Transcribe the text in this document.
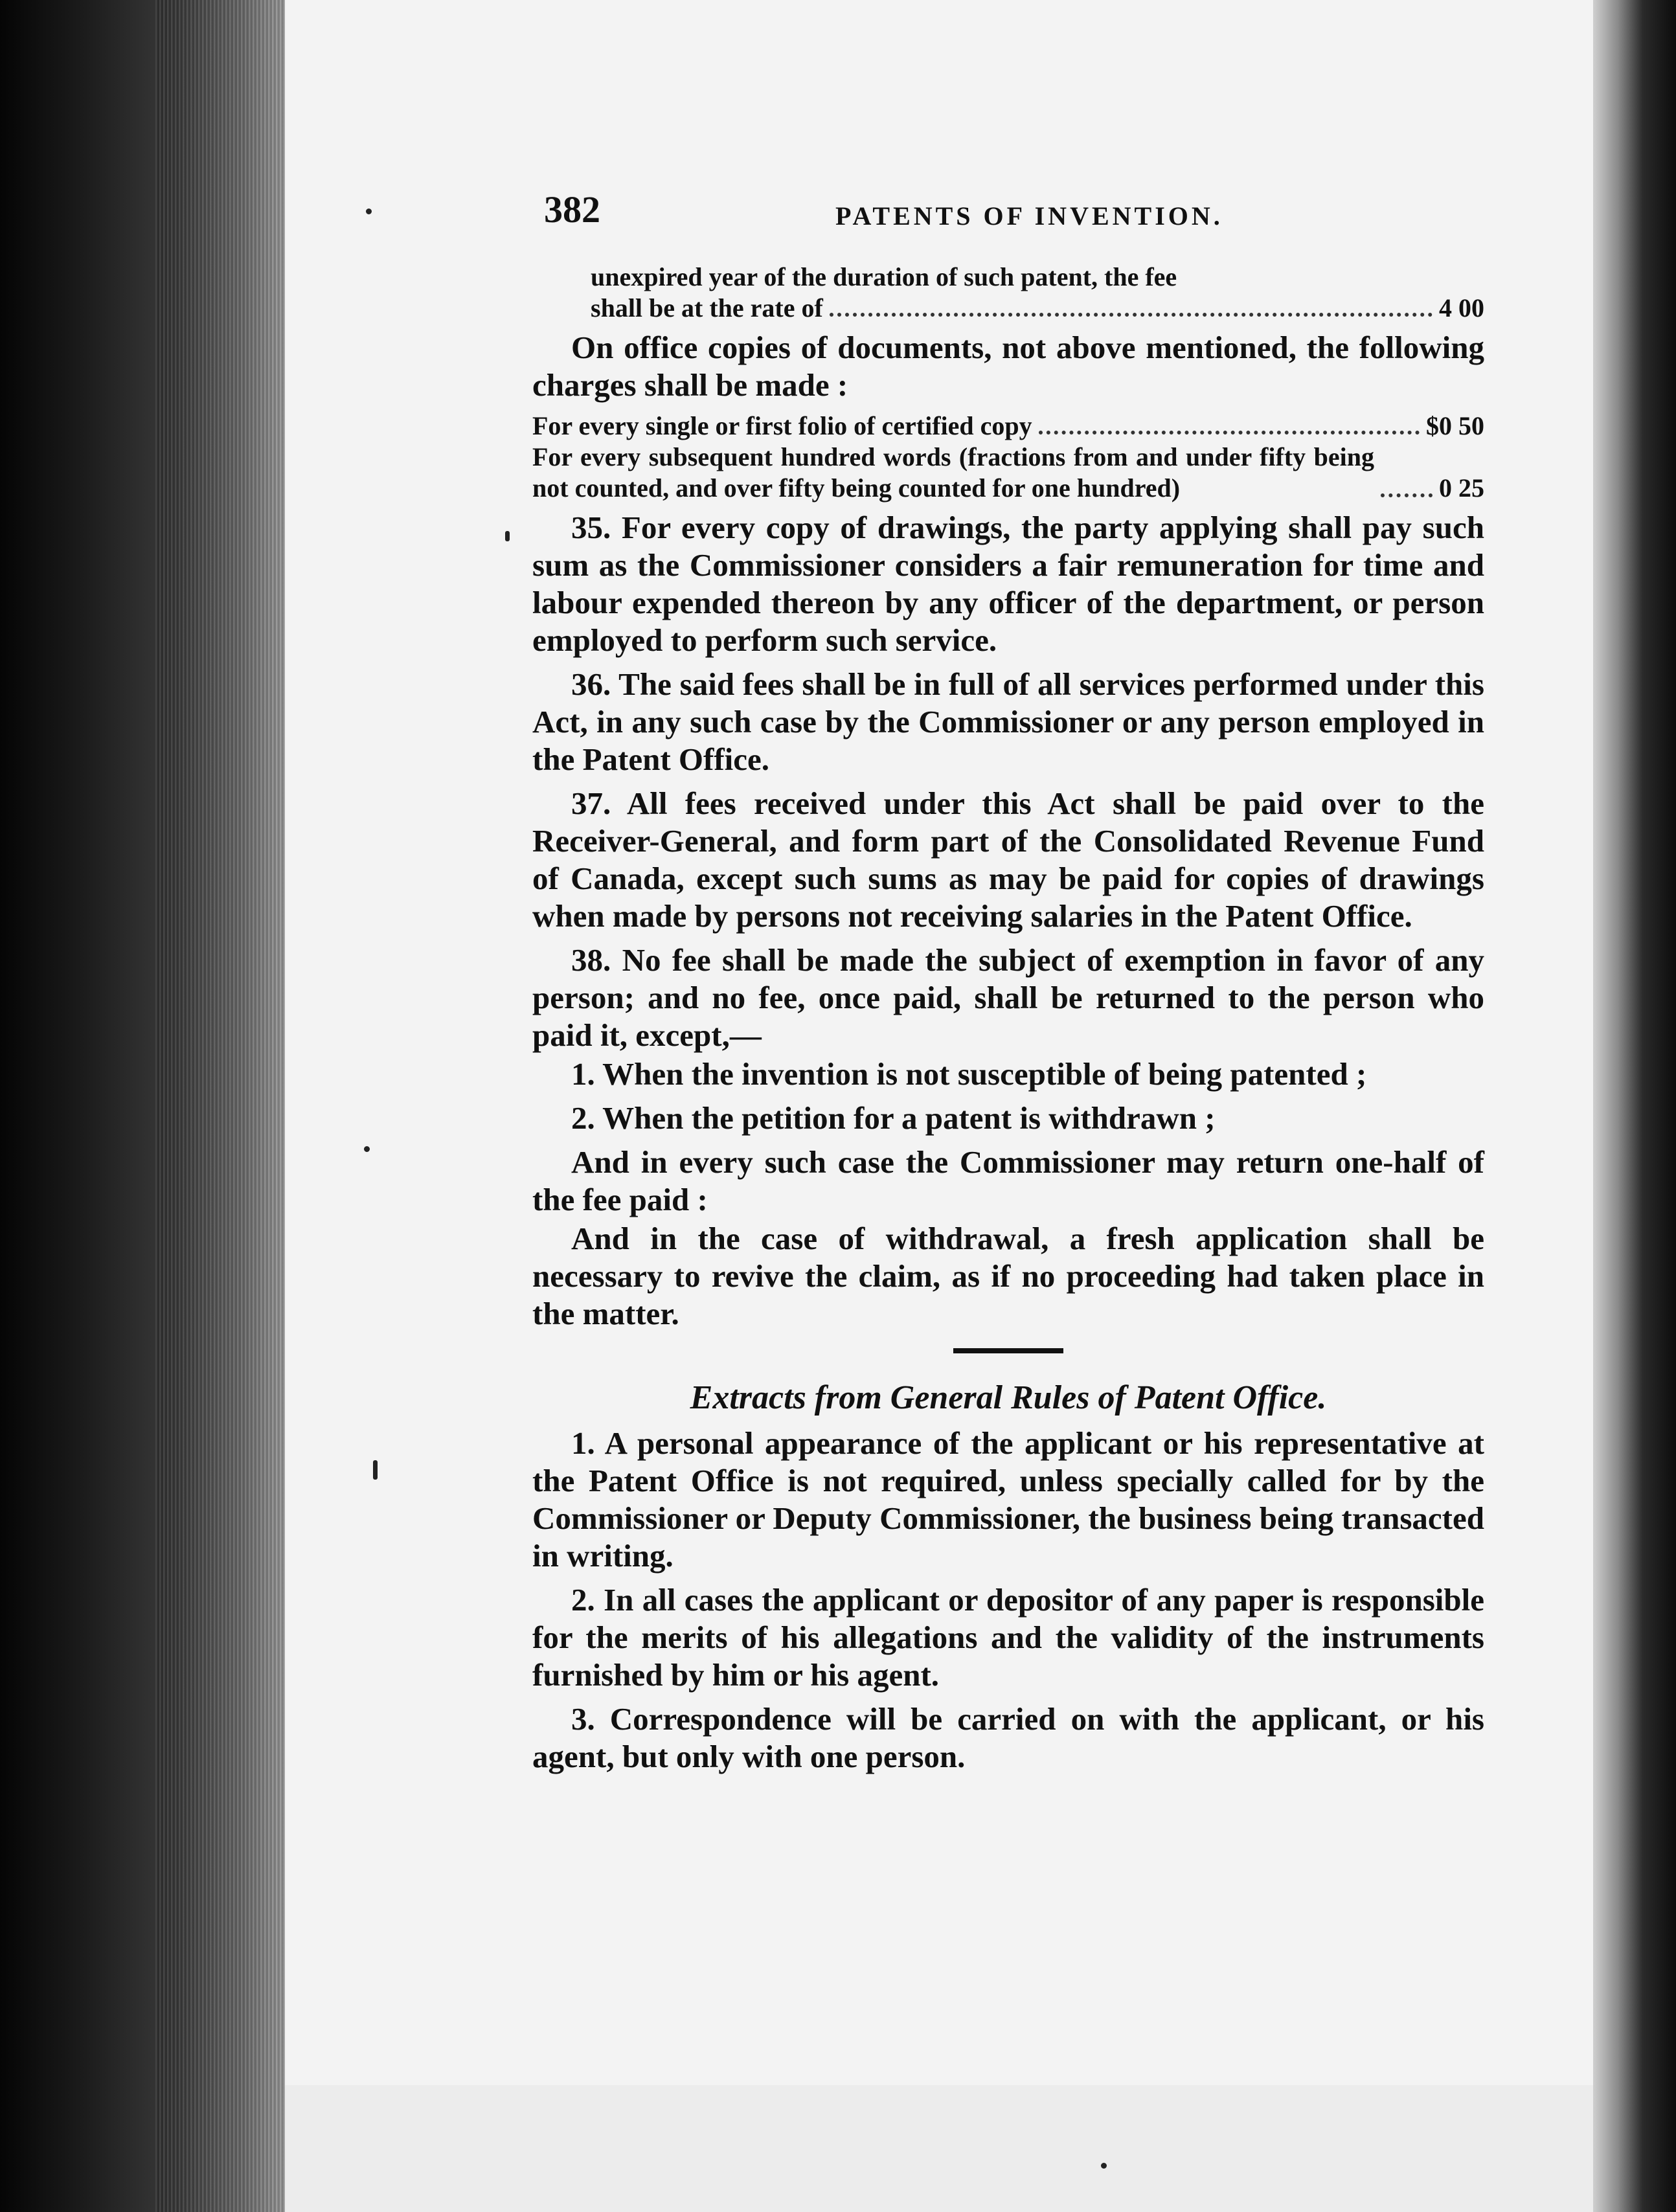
382	PATENTS OF INVENTION.
unexpired year of the duration of such patent, the fee
shall be at the rate of	4 00

On office copies of documents, not above mentioned, the following charges shall be made :

For every single or first folio of certified copy	$0 50
For every subsequent hundred words (fractions from and under fifty being not counted, and over fifty being counted for one hundred)	0 25

35. For every copy of drawings, the party applying shall pay such sum as the Commissioner considers a fair remuneration for time and labour expended thereon by any officer of the department, or person employed to perform such service.

36. The said fees shall be in full of all services performed under this Act, in any such case by the Commissioner or any person employed in the Patent Office.

37. All fees received under this Act shall be paid over to the Receiver-General, and form part of the Consolidated Revenue Fund of Canada, except such sums as may be paid for copies of drawings when made by persons not receiving salaries in the Patent Office.

38. No fee shall be made the subject of exemption in favor of any person; and no fee, once paid, shall be returned to the person who paid it, except,—

1. When the invention is not susceptible of being patented ;

2. When the petition for a patent is withdrawn ;

And in every such case the Commissioner may return one-half of the fee paid :

And in the case of withdrawal, a fresh application shall be necessary to revive the claim, as if no proceeding had taken place in the matter.

Extracts from General Rules of Patent Office.

1. A personal appearance of the applicant or his representative at the Patent Office is not required, unless specially called for by the Commissioner or Deputy Commissioner, the business being transacted in writing.

2. In all cases the applicant or depositor of any paper is responsible for the merits of his allegations and the validity of the instruments furnished by him or his agent.

3. Correspondence will be carried on with the applicant, or his agent, but only with one person.
